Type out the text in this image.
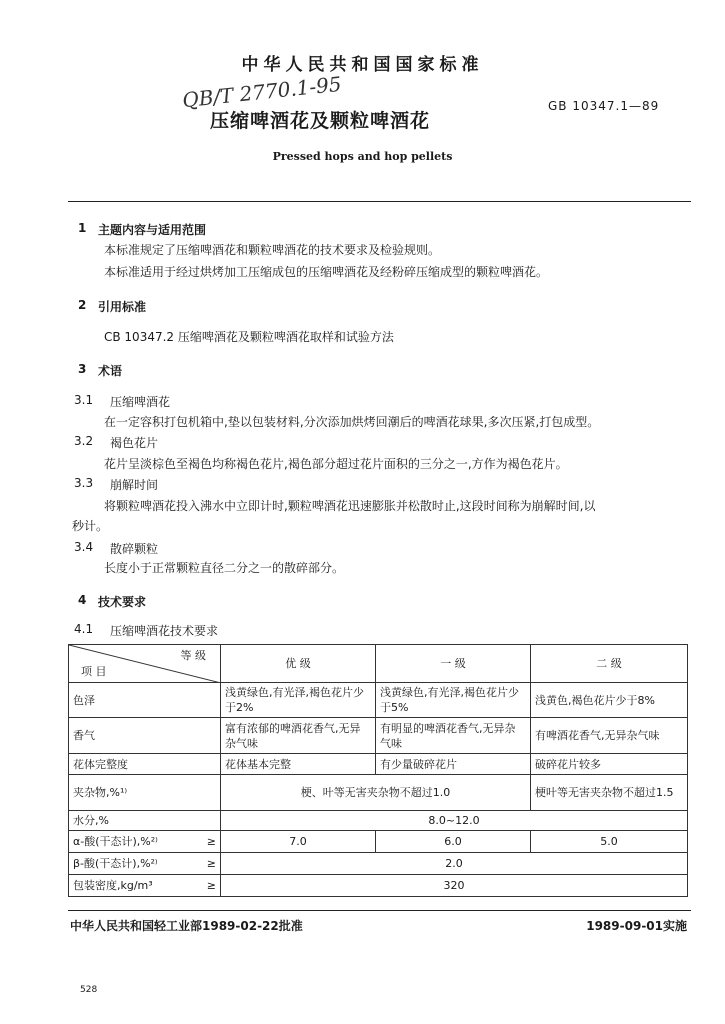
中华人民共和国国家标准
QB/T 2770.1-95
压缩啤酒花及颗粒啤酒花
GB 10347.1—89
Pressed hops and hop pellets
1 主题内容与适用范围
本标准规定了压缩啤酒花和颗粒啤酒花的技术要求及检验规则。
本标准适用于经过烘烤加工压缩成包的压缩啤酒花及经粉碎压缩成型的颗粒啤酒花。
2 引用标准
CB 10347.2 压缩啤酒花及颗粒啤酒花取样和试验方法
3 术语
3.1 压缩啤酒花
在一定容积打包机箱中,垫以包装材料,分次添加烘烤回潮后的啤酒花球果,多次压紧,打包成型。
3.2 褐色花片
花片呈淡棕色至褐色均称褐色花片,褐色部分超过花片面积的三分之一,方作为褐色花片。
3.3 崩解时间
将颗粒啤酒花投入沸水中立即计时,颗粒啤酒花迅速膨胀并松散时止,这段时间称为崩解时间,以
秒计。
3.4 散碎颗粒
长度小于正常颗粒直径二分之一的散碎部分。
4 技术要求
4.1 压缩啤酒花技术要求
等 级
项 目	优 级	一 级	二 级
色泽	浅黄绿色,有光泽,褐色花片少于2%	浅黄绿色,有光泽,褐色花片少于5%	浅黄色,褐色花片少于8%
香气	富有浓郁的啤酒花香气,无异杂气味	有明显的啤酒花香气,无异杂气味	有啤酒花香气,无异杂气味
花体完整度	花体基本完整	有少量破碎花片	破碎花片较多
夹杂物,%¹⁾	梗、叶等无害夹杂物不超过1.0		梗叶等无害夹杂物不超过1.5
水分,%	8.0~12.0		
α-酸(干态计),%²⁾ ≥	7.0	6.0	5.0
β-酸(干态计),%²⁾ ≥	2.0		
包装密度,kg/m³ ≥	320		
中华人民共和国轻工业部1989-02-22批准	1989-09-01实施
528
